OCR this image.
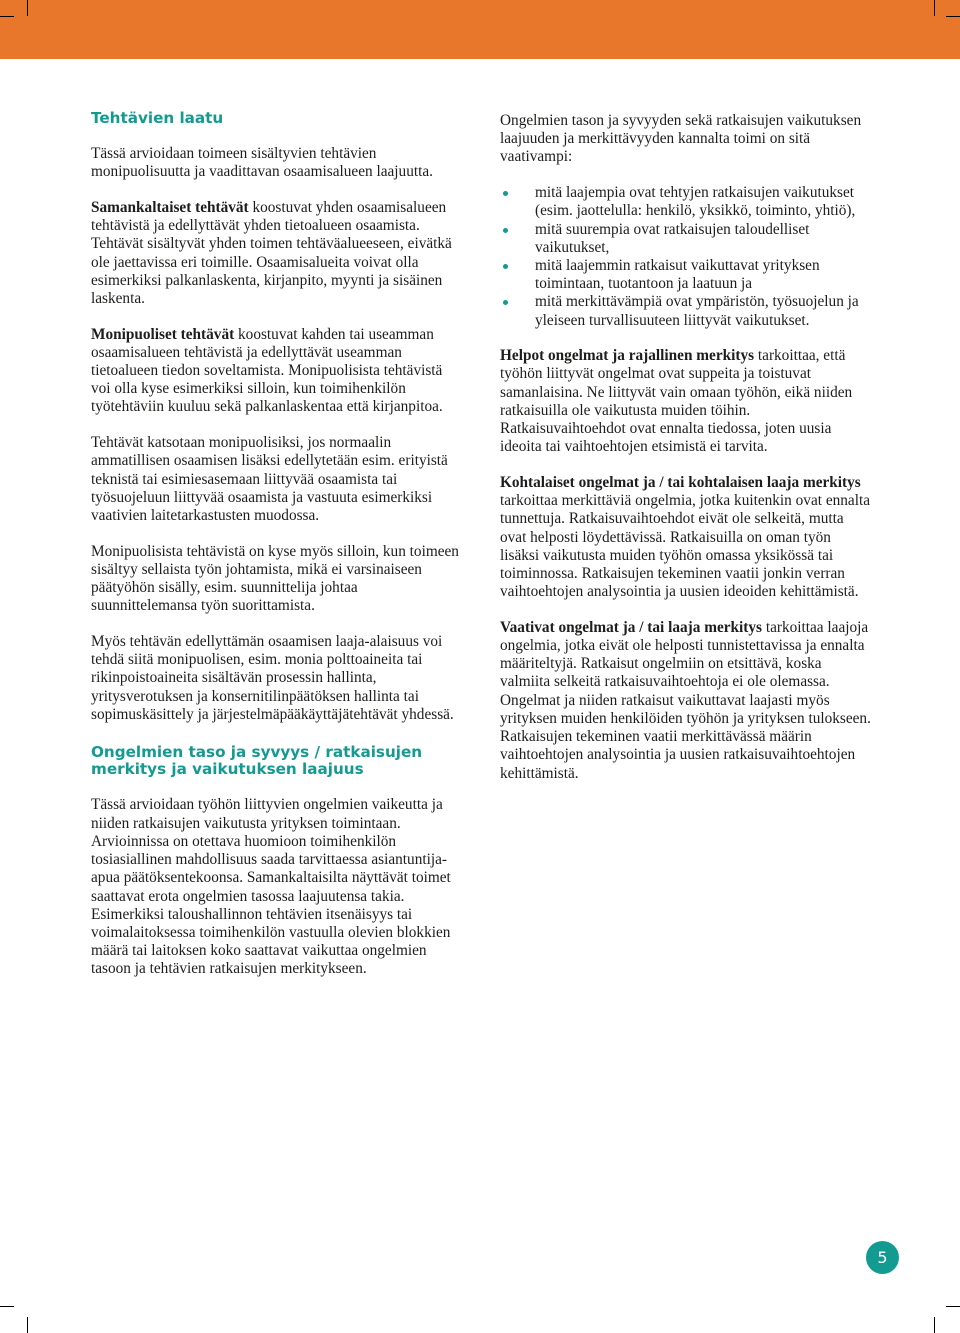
Tehtävien laatu

Tässä arvioidaan toimeen sisältyvien tehtävien monipuolisuutta ja vaadittavan osaamisalueen laajuutta.

Samankaltaiset tehtävät koostuvat yhden osaamisalueen tehtävistä ja edellyttävät yhden tietoalueen osaamista. Tehtävät sisältyvät yhden toimen tehtäväalueeseen, eivätkä ole jaettavissa eri toimille. Osaamisalueita voivat olla esimerkiksi palkanlaskenta, kirjanpito, myynti ja sisäinen laskenta.

Monipuoliset tehtävät koostuvat kahden tai useamman osaamisalueen tehtävistä ja edellyttävät useamman tietoalueen tiedon soveltamista. Monipuolisista tehtävistä voi olla kyse esimerkiksi silloin, kun toimihenkilön työtehtäviin kuuluu sekä palkanlaskentaa että kirjanpitoa.

Tehtävät katsotaan monipuolisiksi, jos normaalin ammatillisen osaamisen lisäksi edellytetään esim. erityistä teknistä tai esimiesasemaan liittyvää osaamista tai työsuojeluun liittyvää osaamista ja vastuuta esimerkiksi vaativien laitetarkastusten muodossa.

Monipuolisista tehtävistä on kyse myös silloin, kun toimeen sisältyy sellaista työn johtamista, mikä ei varsinaiseen päätyöhön sisälly, esim. suunnittelija johtaa suunnittelemansa työn suorittamista.

Myös tehtävän edellyttämän osaamisen laaja-alaisuus voi tehdä siitä monipuolisen, esim. monia polttoaineita tai rikinpoistoaineita sisältävän prosessin hallinta, yritysverotuksen ja konsernitilinpäätöksen hallinta tai sopimuskäsittely ja järjestelmäpääkäyttäjätehtävät yhdessä.

Ongelmien taso ja syvyys / ratkaisujen merkitys ja vaikutuksen laajuus

Tässä arvioidaan työhön liittyvien ongelmien vaikeutta ja niiden ratkaisujen vaikutusta yrityksen toimintaan. Arvioinnissa on otettava huomioon toimihenkilön tosiasiallinen mahdollisuus saada tarvittaessa asiantuntija-apua päätöksentekoonsa. Samankaltaisilta näyttävät toimet saattavat erota ongelmien tasossa laajuutensa takia. Esimerkiksi taloushallinnon tehtävien itsenäisyys tai voimalaitoksessa toimihenkilön vastuulla olevien blokkien määrä tai laitoksen koko saattavat vaikuttaa ongelmien tasoon ja tehtävien ratkaisujen merkitykseen.

Ongelmien tason ja syvyyden sekä ratkaisujen vaikutuksen laajuuden ja merkittävyyden kannalta toimi on sitä vaativampi:

mitä laajempia ovat tehtyjen ratkaisujen vaikutukset (esim. jaottelulla: henkilö, yksikkö, toiminto, yhtiö),
mitä suurempia ovat ratkaisujen taloudelliset vaikutukset,
mitä laajemmin ratkaisut vaikuttavat yrityksen toimintaan, tuotantoon ja laatuun ja
mitä merkittävämpiä ovat ympäristön, työsuojelun ja yleiseen turvallisuuteen liittyvät vaikutukset.

Helpot ongelmat ja rajallinen merkitys tarkoittaa, että työhön liittyvät ongelmat ovat suppeita ja toistuvat samanlaisina. Ne liittyvät vain omaan työhön, eikä niiden ratkaisuilla ole vaikutusta muiden töihin.

Ratkaisuvaihtoehdot ovat ennalta tiedossa, joten uusia ideoita tai vaihtoehtojen etsimistä ei tarvita.

Kohtalaiset ongelmat ja / tai kohtalaisen laaja merkitys tarkoittaa merkittäviä ongelmia, jotka kuitenkin ovat ennalta tunnettuja. Ratkaisuvaihtoehdot eivät ole selkeitä, mutta ovat helposti löydettävissä. Ratkaisuilla on oman työn lisäksi vaikutusta muiden työhön omassa yksikössä tai toiminnossa. Ratkaisujen tekeminen vaatii jonkin verran vaihtoehtojen analysointia ja uusien ideoiden kehittämistä.

Vaativat ongelmat ja / tai laaja merkitys tarkoittaa laajoja ongelmia, jotka eivät ole helposti tunnistettavissa ja ennalta määriteltyjä. Ratkaisut ongelmiin on etsittävä, koska valmiita selkeitä ratkaisuvaihtoehtoja ei ole olemassa. Ongelmat ja niiden ratkaisut vaikuttavat laajasti myös yrityksen muiden henkilöiden työhön ja yrityksen tulokseen. Ratkaisujen tekeminen vaatii merkittävässä määrin vaihtoehtojen analysointia ja uusien ratkaisuvaihtoehtojen kehittämistä.

5
